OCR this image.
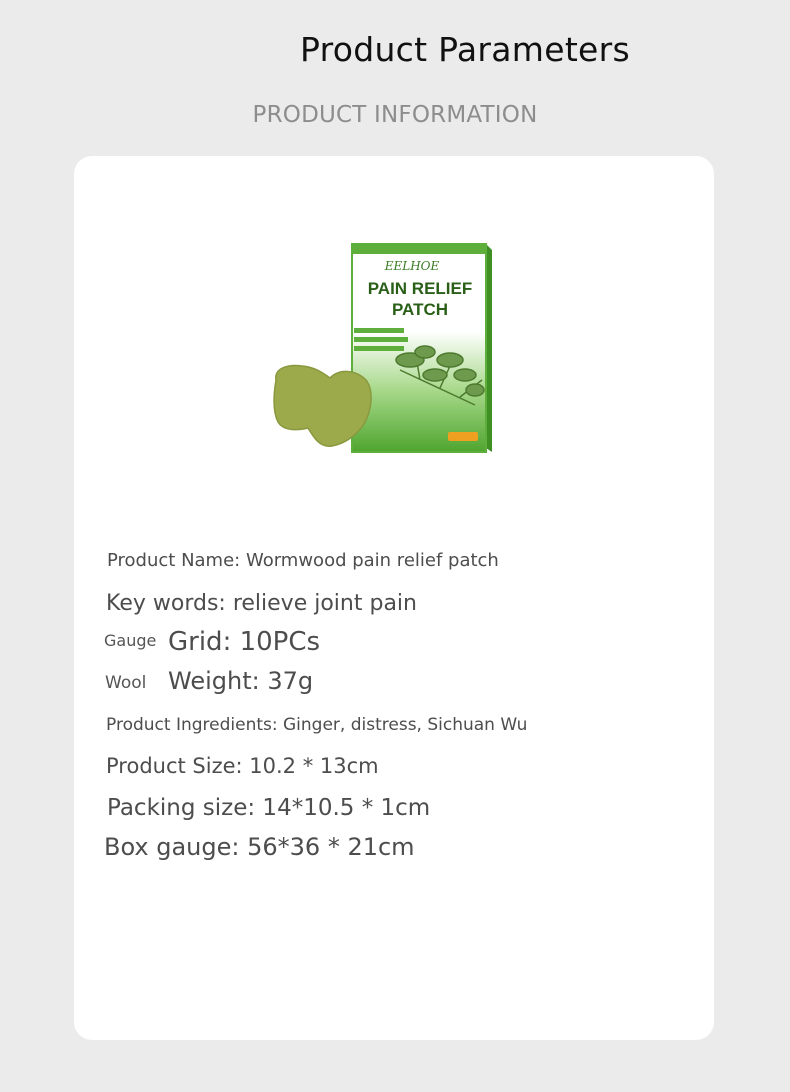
Product Parameters
PRODUCT INFORMATION
EELHOE
PAIN RELIEF
PATCH
Product Name: Wormwood pain relief patch
Key words: relieve joint pain
Gauge Grid: 10PCs
Wool Weight: 37g
Product Ingredients: Ginger, distress, Sichuan Wu
Product Size: 10.2 * 13cm
Packing size: 14*10.5 * 1cm
Box gauge: 56*36 * 21cm
